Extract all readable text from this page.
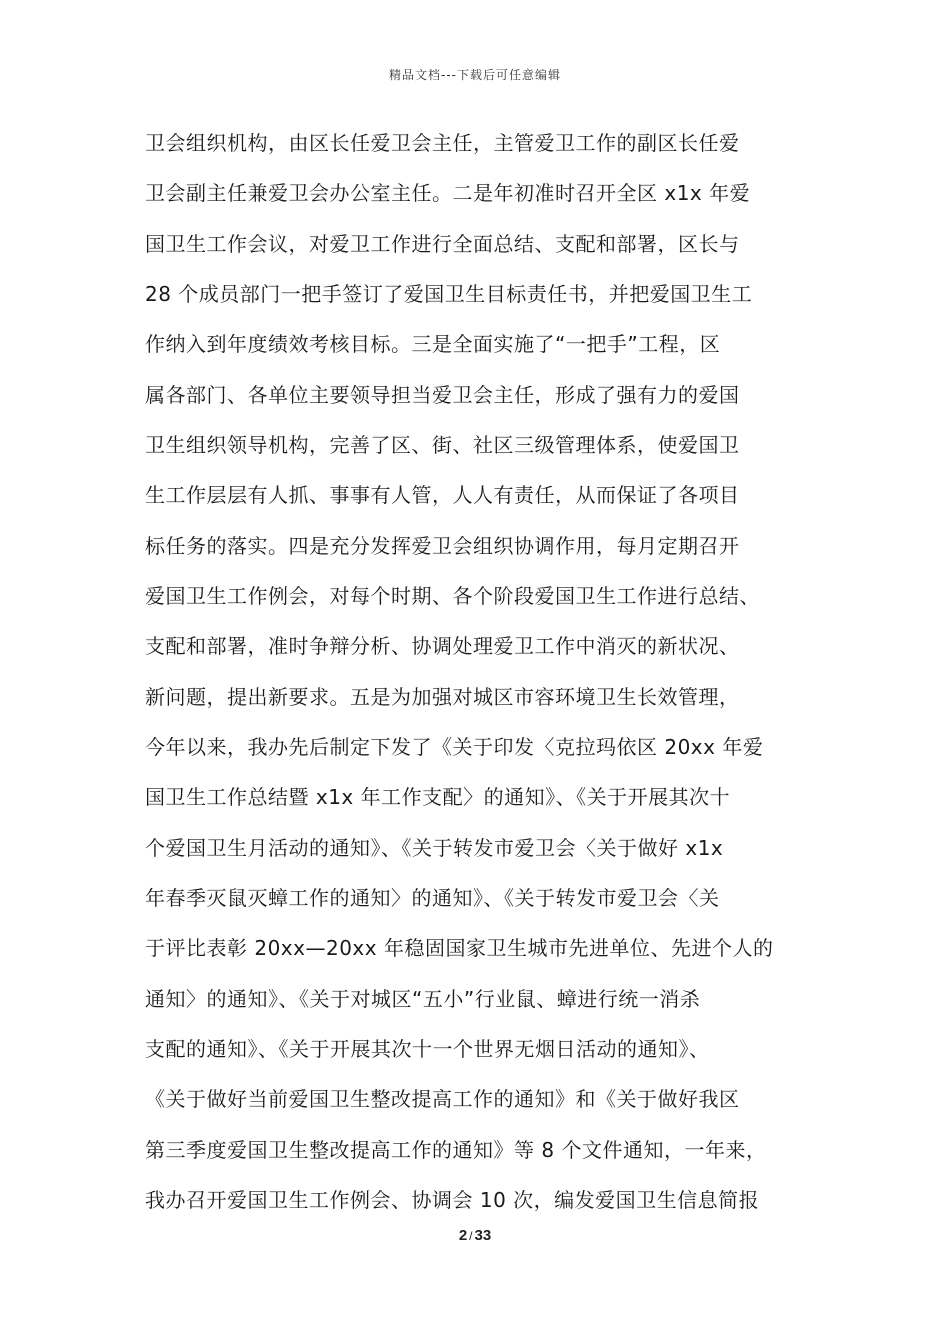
精品文档---下载后可任意编辑
卫会组织机构，由区长任爱卫会主任，主管爱卫工作的副区长任爱
卫会副主任兼爱卫会办公室主任。二是年初准时召开全区 x1x 年爱
国卫生工作会议，对爱卫工作进行全面总结、支配和部署，区长与
28 个成员部门一把手签订了爱国卫生目标责任书，并把爱国卫生工
作纳入到年度绩效考核目标。三是全面实施了“一把手”工程，区
属各部门、各单位主要领导担当爱卫会主任，形成了强有力的爱国
卫生组织领导机构，完善了区、街、社区三级管理体系，使爱国卫
生工作层层有人抓、事事有人管，人人有责任，从而保证了各项目
标任务的落实。四是充分发挥爱卫会组织协调作用，每月定期召开
爱国卫生工作例会，对每个时期、各个阶段爱国卫生工作进行总结、
支配和部署，准时争辩分析、协调处理爱卫工作中消灭的新状况、
新问题，提出新要求。五是为加强对城区市容环境卫生长效管理，
今年以来，我办先后制定下发了《关于印发〈克拉玛依区 20xx 年爱
国卫生工作总结暨 x1x 年工作支配〉的通知》、《关于开展其次十
个爱国卫生月活动的通知》、《关于转发市爱卫会〈关于做好 x1x
年春季灭鼠灭蟑工作的通知〉的通知》、《关于转发市爱卫会〈关
于评比表彰 20xx—20xx 年稳固国家卫生城市先进单位、先进个人的
通知〉的通知》、《关于对城区“五小”行业鼠、蟑进行统一消杀
支配的通知》、《关于开展其次十一个世界无烟日活动的通知》、
《关于做好当前爱国卫生整改提高工作的通知》和《关于做好我区
第三季度爱国卫生整改提高工作的通知》等 8 个文件通知，一年来，
我办召开爱国卫生工作例会、协调会 10 次，编发爱国卫生信息简报
2 / 33
